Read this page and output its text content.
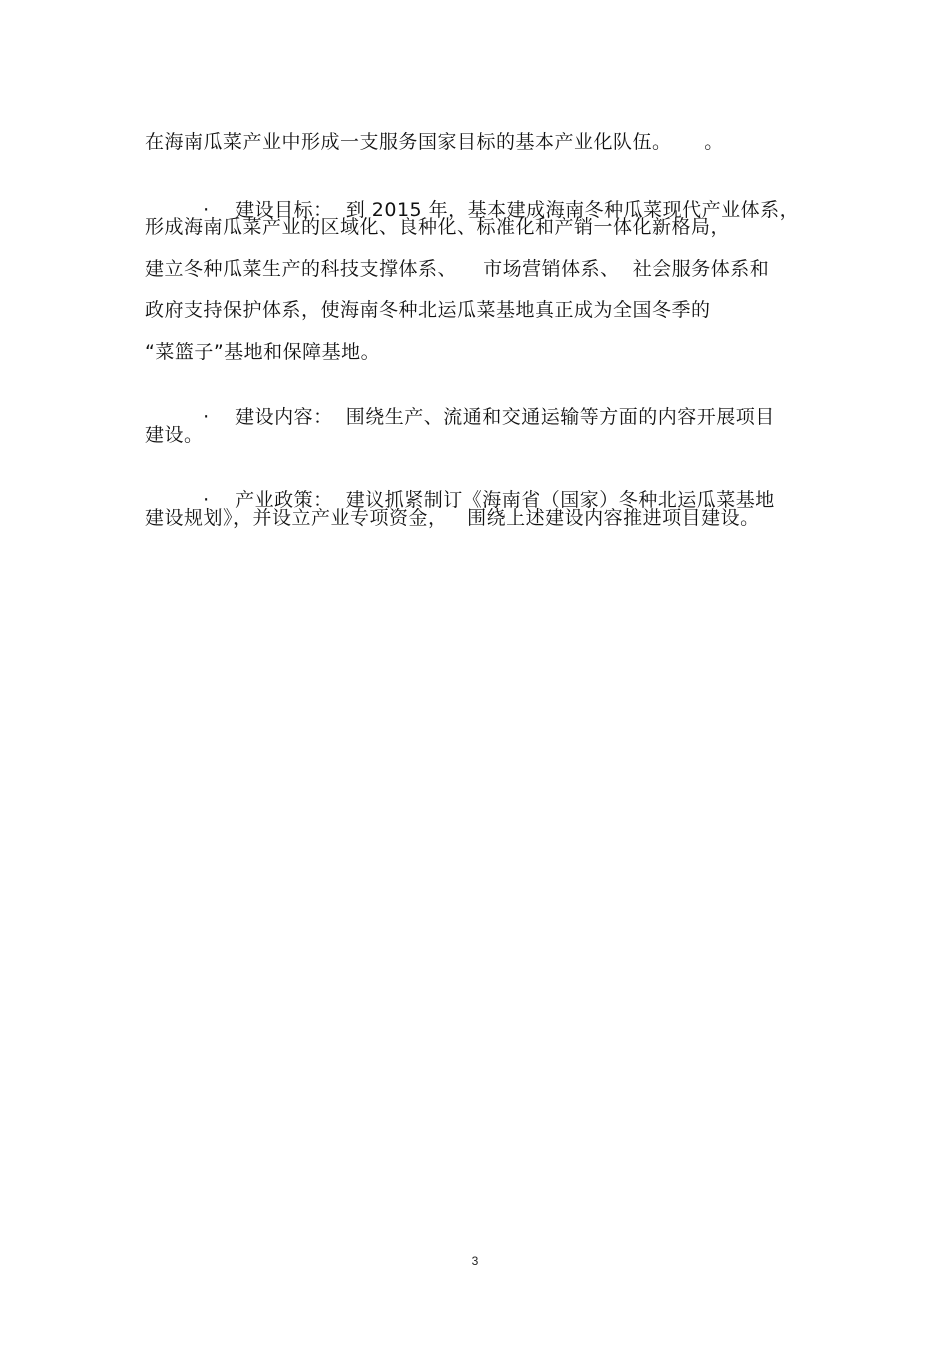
在海南瓜菜产业中形成一支服务国家目标的基本产业化队伍。     。

· 建设目标：  到 2015 年，基本建成海南冬种瓜菜现代产业体系，

形成海南瓜菜产业的区域化、良种化、标准化和产销一体化新格局，
建立冬种瓜菜生产的科技支撑体系、    市场营销体系、  社会服务体系和
政府支持保护体系，使海南冬种北运瓜菜基地真正成为全国冬季的
“菜篮子”基地和保障基地。

· 建设内容：  围绕生产、流通和交通运输等方面的内容开展项目

建设。

· 产业政策：  建议抓紧制订《海南省（国家）冬种北运瓜菜基地

建设规划》，并设立产业专项资金，   围绕上述建设内容推进项目建设。
3
